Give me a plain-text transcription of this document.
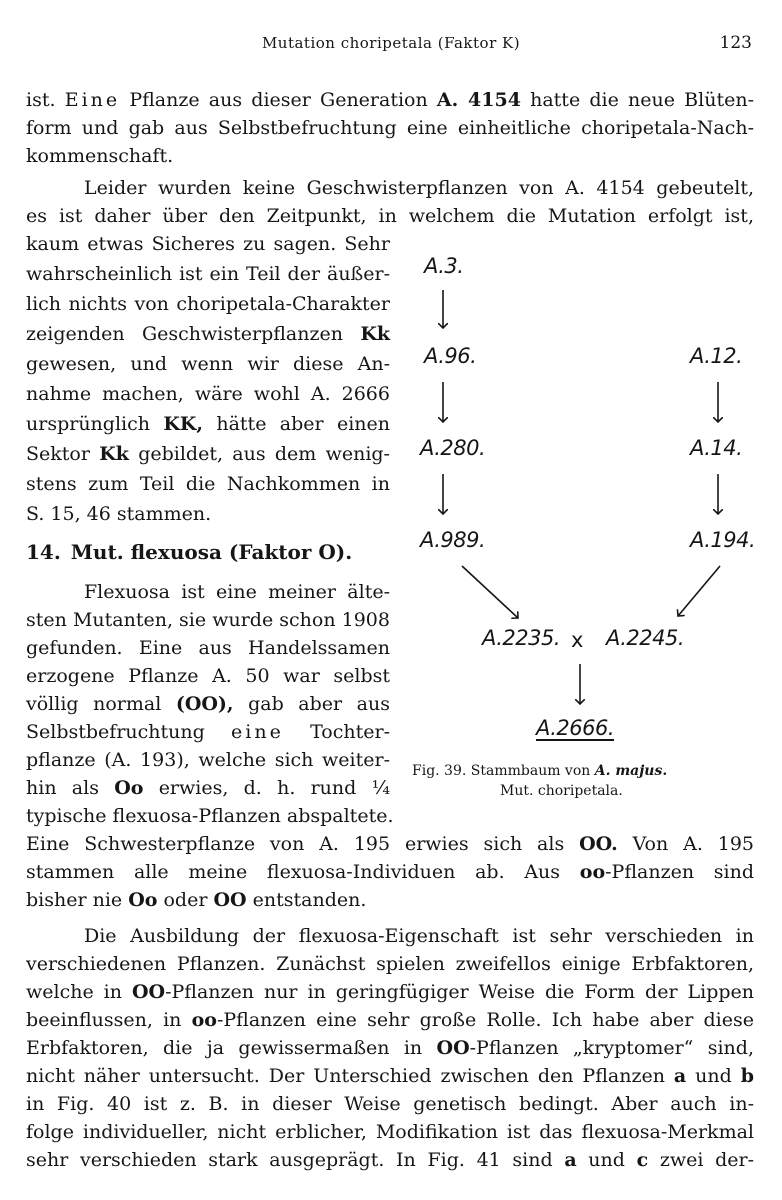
Mutation choripetala (Faktor K)	123
ist. Eine Pflanze aus dieser Generation A. 4154 hatte die neue Blüten-
form und gab aus Selbstbefruchtung eine einheitliche choripetala-Nach-
kommenschaft.
Leider wurden keine Geschwisterpflanzen von A. 4154 gebeutelt,
es ist daher über den Zeitpunkt, in welchem die Mutation erfolgt ist,
kaum etwas Sicheres zu sagen. Sehr
wahrscheinlich ist ein Teil der äußer-
lich nichts von choripetala-Charakter
zeigenden Geschwisterpflanzen Kk
gewesen, und wenn wir diese An-
nahme machen, wäre wohl A. 2666
ursprünglich KK, hätte aber einen
Sektor Kk gebildet, aus dem wenig-
stens zum Teil die Nachkommen in
S. 15, 46 stammen.
14. Mut. flexuosa (Faktor O).
Flexuosa ist eine meiner älte-
sten Mutanten, sie wurde schon 1908
gefunden. Eine aus Handelssamen
erzogene Pflanze A. 50 war selbst
völlig normal (OO), gab aber aus
Selbstbefruchtung eine Tochter-
pflanze (A. 193), welche sich weiter-
hin als Oo erwies, d. h. rund ¼
typische flexuosa-Pflanzen abspaltete.
Eine Schwesterpflanze von A. 195 erwies sich als OO. Von A. 195
stammen alle meine flexuosa-Individuen ab. Aus oo-Pflanzen sind
bisher nie Oo oder OO entstanden.
Die Ausbildung der flexuosa-Eigenschaft ist sehr verschieden in
verschiedenen Pflanzen. Zunächst spielen zweifellos einige Erbfaktoren,
welche in OO-Pflanzen nur in geringfügiger Weise die Form der Lippen
beeinflussen, in oo-Pflanzen eine sehr große Rolle. Ich habe aber diese
Erbfaktoren, die ja gewissermaßen in OO-Pflanzen „kryptomer“ sind,
nicht näher untersucht. Der Unterschied zwischen den Pflanzen a und b
in Fig. 40 ist z. B. in dieser Weise genetisch bedingt. Aber auch in-
folge individueller, nicht erblicher, Modifikation ist das flexuosa-Merkmal
sehr verschieden stark ausgeprägt. In Fig. 41 sind a und c zwei der-
A.3.
A.96.
A.280.
A.989.
A.12.
A.14.
A.194.
A.2235. x A.2245.
A.2666.
Fig. 39. Stammbaum von A. majus.
Mut. choripetala.
